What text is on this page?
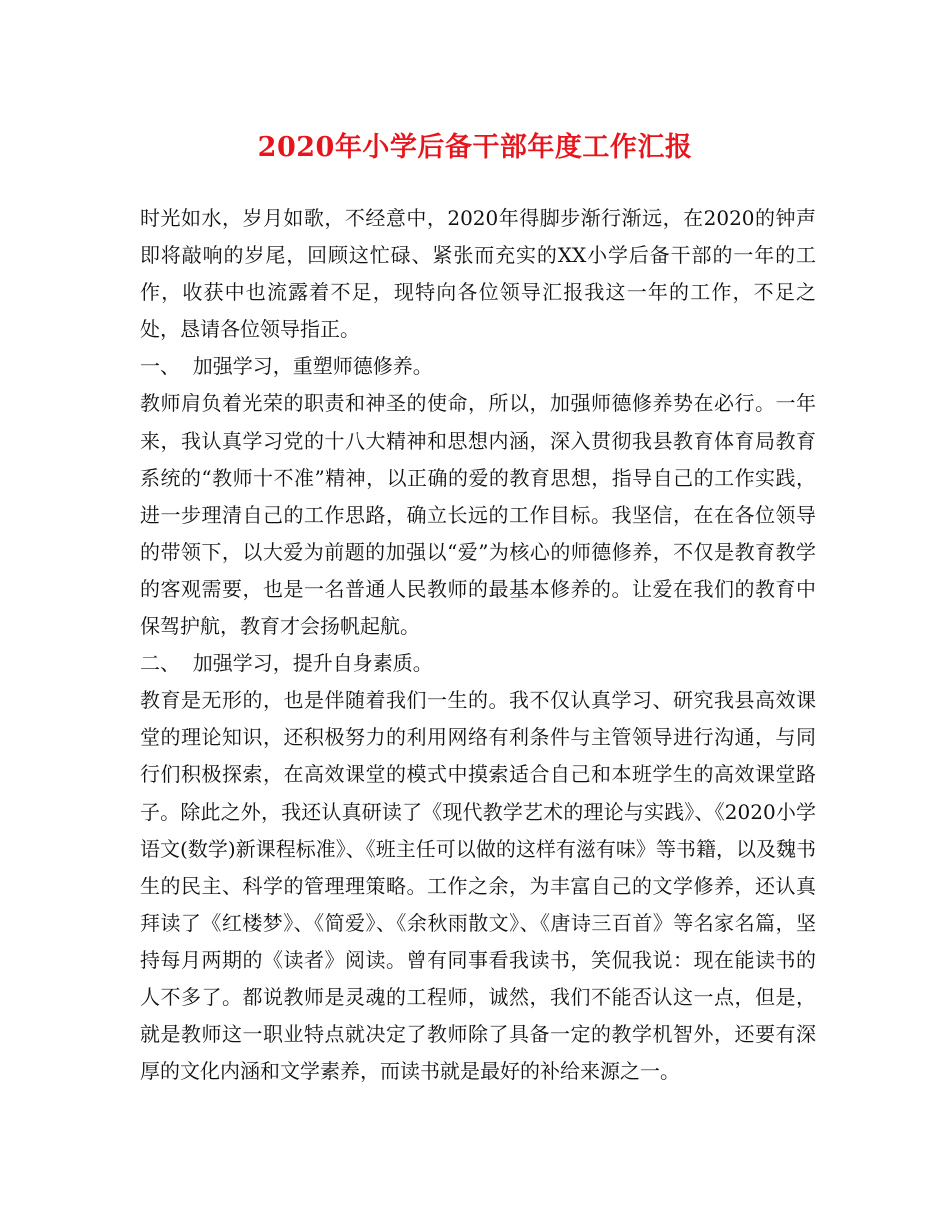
2020年小学后备干部年度工作汇报

时光如水，岁月如歌，不经意中，2020年得脚步渐行渐远，在2020的钟声即将敲响的岁尾，回顾这忙碌、紧张而充实的XX小学后备干部的一年的工作，收获中也流露着不足，现特向各位领导汇报我这一年的工作，不足之处，恳请各位领导指正。

一、  加强学习，重塑师德修养。

教师肩负着光荣的职责和神圣的使命，所以，加强师德修养势在必行。一年来，我认真学习党的十八大精神和思想内涵，深入贯彻我县教育体育局教育系统的“教师十不准”精神，以正确的爱的教育思想，指导自己的工作实践，进一步理清自己的工作思路，确立长远的工作目标。我坚信，在在各位领导的带领下，以大爱为前题的加强以“爱”为核心的师德修养，不仅是教育教学的客观需要，也是一名普通人民教师的最基本修养的。让爱在我们的教育中保驾护航，教育才会扬帆起航。

二、  加强学习，提升自身素质。

教育是无形的，也是伴随着我们一生的。我不仅认真学习、研究我县高效课堂的理论知识，还积极努力的利用网络有利条件与主管领导进行沟通，与同行们积极探索，在高效课堂的模式中摸索适合自己和本班学生的高效课堂路子。除此之外，我还认真研读了《现代教学艺术的理论与实践》、《2020小学语文(数学)新课程标准》、《班主任可以做的这样有滋有味》等书籍，以及魏书生的民主、科学的管理理策略。工作之余，为丰富自己的文学修养，还认真拜读了《红楼梦》、《简爱》、《余秋雨散文》、《唐诗三百首》等名家名篇，坚持每月两期的《读者》阅读。曾有同事看我读书，笑侃我说：现在能读书的人不多了。都说教师是灵魂的工程师，诚然，我们不能否认这一点，但是，就是教师这一职业特点就决定了教师除了具备一定的教学机智外，还要有深厚的文化内涵和文学素养，而读书就是最好的补给来源之一。
